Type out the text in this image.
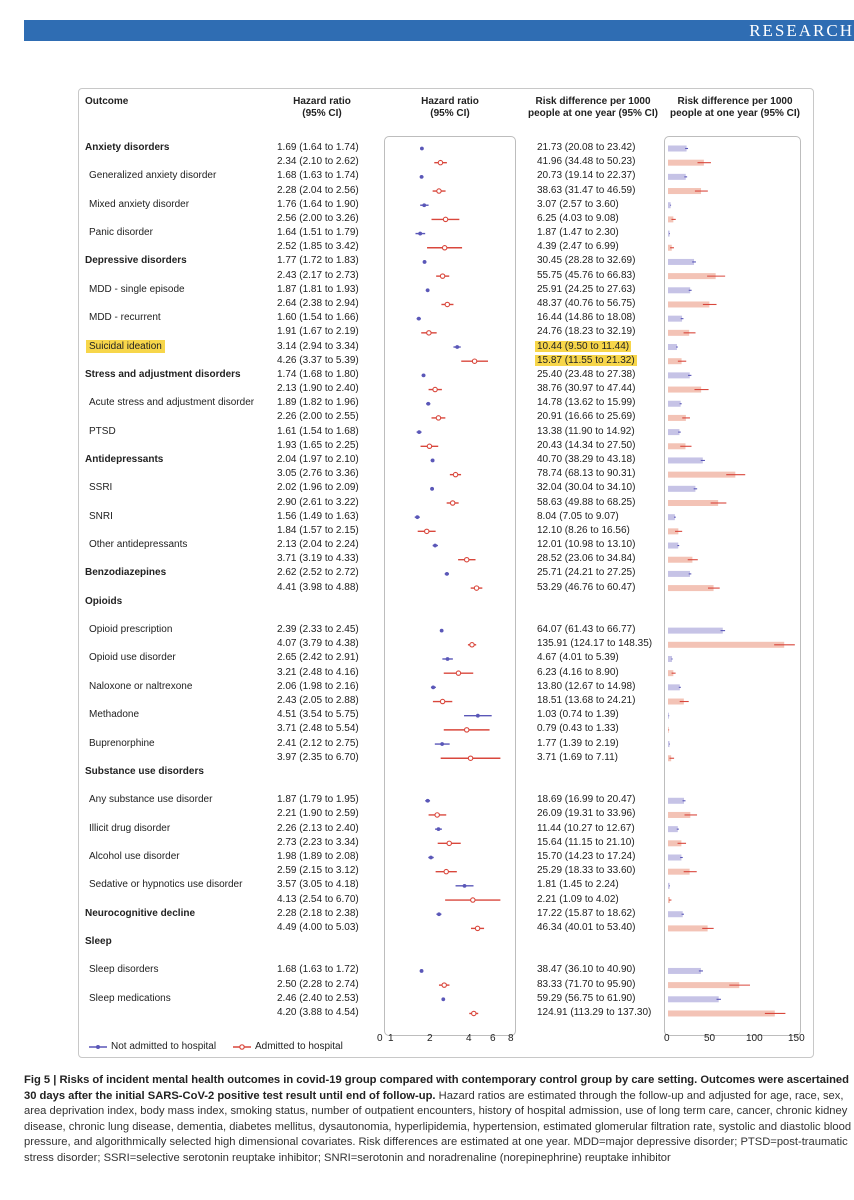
RESEARCH
Outcome	Hazard ratio
(95% CI)
Hazard ratio
(95% CI)
Risk difference per 1000
people at one year (95% CI)
Risk difference per 1000
people at one year (95% CI)
Anxiety disorders	1.69 (1.64 to 1.74)	21.73 (20.08 to 23.42)
2.34 (2.10 to 2.62)	41.96 (34.48 to 50.23)
Generalized anxiety disorder	1.68 (1.63 to 1.74)	20.73 (19.14 to 22.37)
2.28 (2.04 to 2.56)	38.63 (31.47 to 46.59)
Mixed anxiety disorder	1.76 (1.64 to 1.90)	3.07 (2.57 to 3.60)
2.56 (2.00 to 3.26)	6.25 (4.03 to 9.08)
Panic disorder	1.64 (1.51 to 1.79)	1.87 (1.47 to 2.30)
2.52 (1.85 to 3.42)	4.39 (2.47 to 6.99)
Depressive disorders	1.77 (1.72 to 1.83)	30.45 (28.28 to 32.69)
2.43 (2.17 to 2.73)	55.75 (45.76 to 66.83)
MDD - single episode	1.87 (1.81 to 1.93)	25.91 (24.25 to 27.63)
2.64 (2.38 to 2.94)	48.37 (40.76 to 56.75)
MDD - recurrent	1.60 (1.54 to 1.66)	16.44 (14.86 to 18.08)
1.91 (1.67 to 2.19)	24.76 (18.23 to 32.19)
Suicidal ideation	3.14 (2.94 to 3.34)	10.44 (9.50 to 11.44)
4.26 (3.37 to 5.39)	15.87 (11.55 to 21.32)
Stress and adjustment disorders	1.74 (1.68 to 1.80)	25.40 (23.48 to 27.38)
2.13 (1.90 to 2.40)	38.76 (30.97 to 47.44)
Acute stress and adjustment disorder 1.89 (1.82 to 1.96)	14.78 (13.62 to 15.99)
2.26 (2.00 to 2.55)	20.91 (16.66 to 25.69)
PTSD	1.61 (1.54 to 1.68)	13.38 (11.90 to 14.92)
1.93 (1.65 to 2.25)	20.43 (14.34 to 27.50)
Antidepressants	2.04 (1.97 to 2.10)	40.70 (38.29 to 43.18)
3.05 (2.76 to 3.36)	78.74 (68.13 to 90.31)
SSRI	2.02 (1.96 to 2.09)	32.04 (30.04 to 34.10)
2.90 (2.61 to 3.22)	58.63 (49.88 to 68.25)
SNRI	1.56 (1.49 to 1.63)	8.04 (7.05 to 9.07)
1.84 (1.57 to 2.15)	12.10 (8.26 to 16.56)
Other antidepressants	2.13 (2.04 to 2.24)	12.01 (10.98 to 13.10)
3.71 (3.19 to 4.33)	28.52 (23.06 to 34.84)
Benzodiazepines	2.62 (2.52 to 2.72)	25.71 (24.21 to 27.25)
4.41 (3.98 to 4.88)	53.29 (46.76 to 60.47)
Opioids
Opioid prescription	2.39 (2.33 to 2.45)	64.07 (61.43 to 66.77)
4.07 (3.79 to 4.38)	135.91 (124.17 to 148.35)
Opioid use disorder	2.65 (2.42 to 2.91)	4.67 (4.01 to 5.39)
3.21 (2.48 to 4.16)	6.23 (4.16 to 8.90)
Naloxone or naltrexone	2.06 (1.98 to 2.16)	13.80 (12.67 to 14.98)
2.43 (2.05 to 2.88)	18.51 (13.68 to 24.21)
Methadone	4.51 (3.54 to 5.75)	1.03 (0.74 to 1.39)
3.71 (2.48 to 5.54)	0.79 (0.43 to 1.33)
Buprenorphine	2.41 (2.12 to 2.75)	1.77 (1.39 to 2.19)
3.97 (2.35 to 6.70)	3.71 (1.69 to 7.11)
Substance use disorders
Any substance use disorder	1.87 (1.79 to 1.95)	18.69 (16.99 to 20.47)
2.21 (1.90 to 2.59)	26.09 (19.31 to 33.96)
Illicit drug disorder	2.26 (2.13 to 2.40)	11.44 (10.27 to 12.67)
2.73 (2.23 to 3.34)	15.64 (11.15 to 21.10)
Alcohol use disorder	1.98 (1.89 to 2.08)	15.70 (14.23 to 17.24)
2.59 (2.15 to 3.12)	25.29 (18.33 to 33.60)
Sedative or hypnotics use disorder	3.57 (3.05 to 4.18)	1.81 (1.45 to 2.24)
4.13 (2.54 to 6.70)	2.21 (1.09 to 4.02)
Neurocognitive decline	2.28 (2.18 to 2.38)	17.22 (15.87 to 18.62)
4.49 (4.00 to 5.03)	46.34 (40.01 to 53.40)
Sleep
Sleep disorders	1.68 (1.63 to 1.72)	38.47 (36.10 to 40.90)
2.50 (2.28 to 2.74)	83.33 (71.70 to 95.90)
Sleep medications	2.46 (2.40 to 2.53)	59.29 (56.75 to 61.90)
4.20 (3.88 to 4.54)	124.91 (113.29 to 137.30)
0 1	2	4 6 8	0	50	100	150
Not admitted to hospital	Admitted to hospital
Fig 5 | Risks of incident mental health outcomes in covid-19 group compared with contemporary control group by care setting. Outcomes were ascertained 30 days after the initial SARS-CoV-2 positive test result until end of follow-up. Hazard ratios are estimated through the follow-up and adjusted for age, race, sex, area deprivation index, body mass index, smoking status, number of outpatient encounters, history of hospital admission, use of long term care, cancer, chronic kidney disease, chronic lung disease, dementia, diabetes mellitus, dysautonomia, hyperlipidemia, hypertension, estimated glomerular filtration rate, systolic and diastolic blood pressure, and algorithmically selected high dimensional covariates. Risk differences are estimated at one year. MDD=major depressive disorder; PTSD=post-traumatic stress disorder; SSRI=selective serotonin reuptake inhibitor; SNRI=serotonin and noradrenaline (norepinephrine) reuptake inhibitor
